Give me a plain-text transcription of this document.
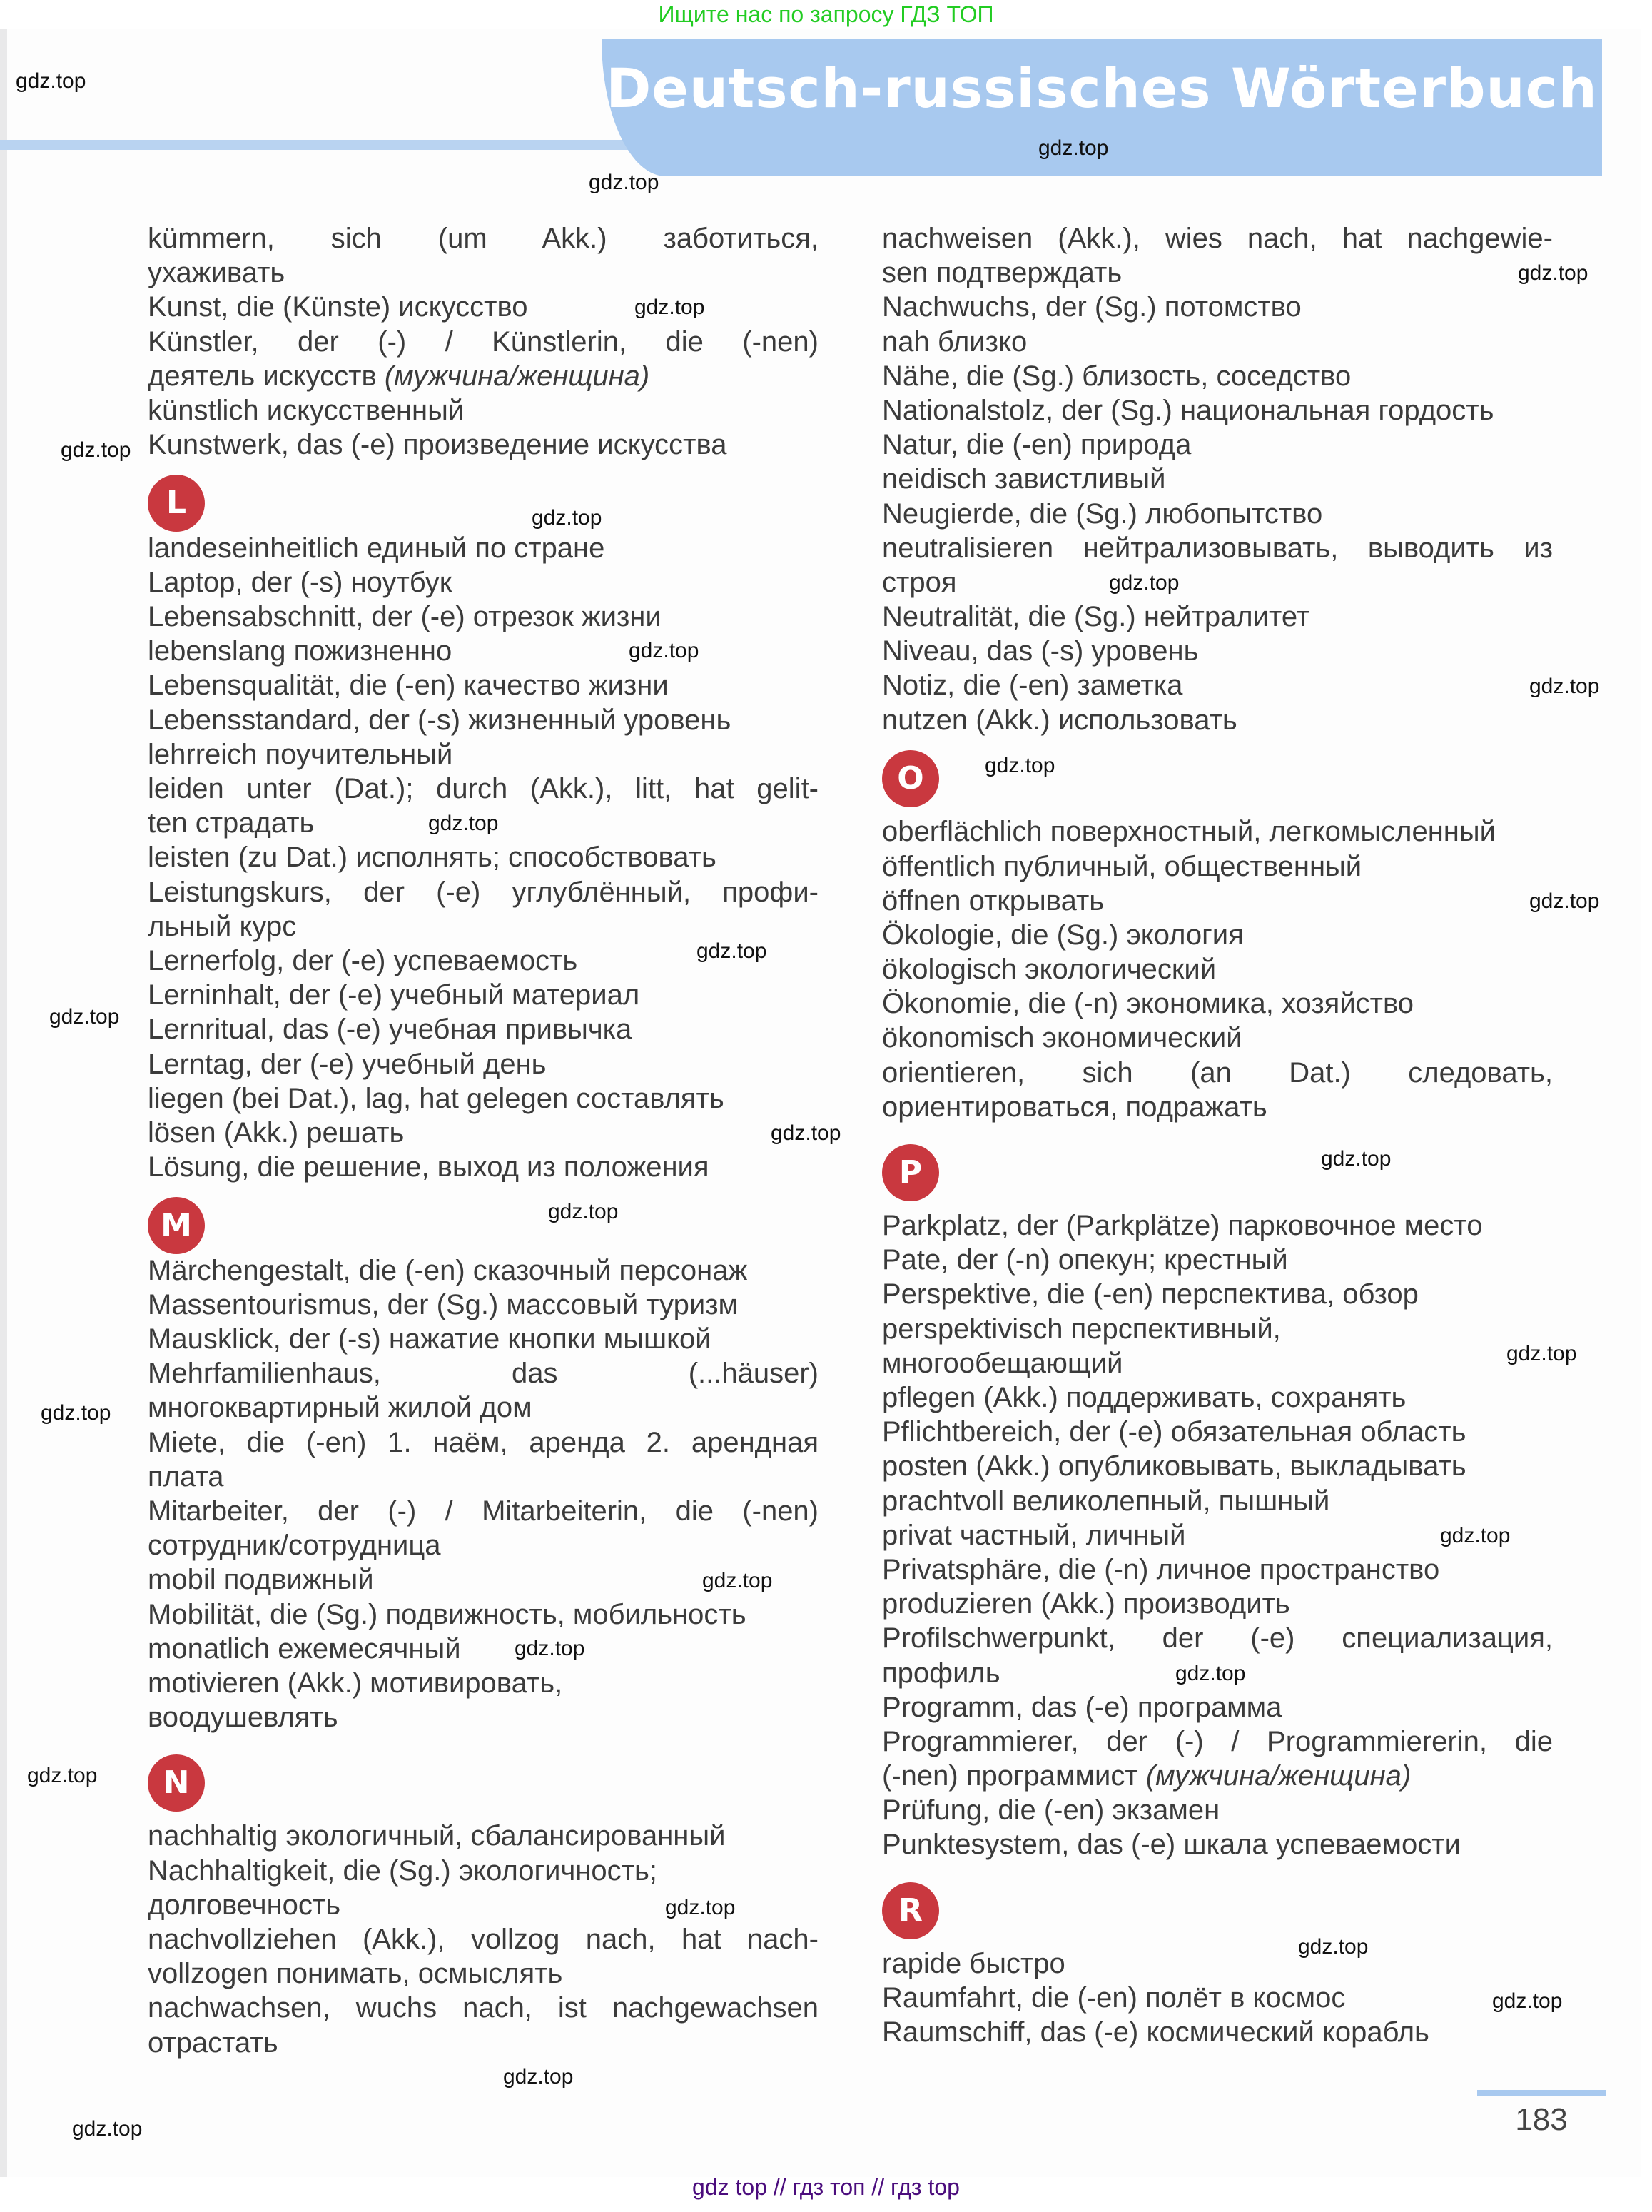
Ищите нас по запросу ГДЗ ТОП
Deutsch-russisches Wörterbuch
kümmern, sich (um Akk.) заботиться,
ухаживать
Kunst, die (Künste) искусство
Künstler, der (-) / Künstlerin, die (-nen)
деятель искусств (мужчина/женщина)
künstlich искусственный
Kunstwerk, das (-e) произведение искусства
L
landeseinheitlich единый по стране
Laptop, der (-s) ноутбук
Lebensabschnitt, der (-e) отрезок жизни
lebenslang пожизненно
Lebensqualität, die (-en) качество жизни
Lebensstandard, der (-s) жизненный уровень
lehrreich поучительный
leiden unter (Dat.); durch (Akk.), litt, hat gelit-
ten страдать
leisten (zu Dat.) исполнять; способствовать
Leistungskurs, der (-e) углублённый, профи-
льный курс
Lernerfolg, der (-e) успеваемость
Lerninhalt, der (-e) учебный материал
Lernritual, das (-e) учебная привычка
Lerntag, der (-e) учебный день
liegen (bei Dat.), lag, hat gelegen составлять
lösen (Akk.) решать
Lösung, die решение, выход из положения
M
Märchengestalt, die (-en) сказочный персонаж
Massentourismus, der (Sg.) массовый туризм
Mausklick, der (-s) нажатие кнопки мышкой
Mehrfamilienhaus, das (...häuser)
многоквартирный жилой дом
Miete, die (-en) 1. наём, аренда 2. арендная
плата
Mitarbeiter, der (-) / Mitarbeiterin, die (-nen)
сотрудник/сотрудница
mobil подвижный
Mobilität, die (Sg.) подвижность, мобильность
monatlich ежемесячный
motivieren (Akk.) мотивировать,
воодушевлять
N
nachhaltig экологичный, сбалансированный
Nachhaltigkeit, die (Sg.) экологичность;
долговечность
nachvollziehen (Akk.), vollzog nach, hat nach-
vollzogen понимать, осмыслять
nachwachsen, wuchs nach, ist nachgewachsen
отрастать
nachweisen (Akk.), wies nach, hat nachgewie-
sen подтверждать
Nachwuchs, der (Sg.) потомство
nah близко
Nähe, die (Sg.) близость, соседство
Nationalstolz, der (Sg.) национальная гордость
Natur, die (-en) природа
neidisch завистливый
Neugierde, die (Sg.) любопытство
neutralisieren нейтрализовывать, выводить из
строя
Neutralität, die (Sg.) нейтралитет
Niveau, das (-s) уровень
Notiz, die (-en) заметка
nutzen (Akk.) использовать
O
oberflächlich поверхностный, легкомысленный
öffentlich публичный, общественный
öffnen открывать
Ökologie, die (Sg.) экология
ökologisch экологический
Ökonomie, die (-n) экономика, хозяйство
ökonomisch экономический
orientieren, sich (an Dat.) следовать,
ориентироваться, подражать
P
Parkplatz, der (Parkplätze) парковочное место
Pate, der (-n) опекун; крестный
Perspektive, die (-en) перспектива, обзор
perspektivisch перспективный,
многообещающий
pflegen (Akk.) поддерживать, сохранять
Pflichtbereich, der (-e) обязательная область
posten (Akk.) опубликовывать, выкладывать
prachtvoll великолепный, пышный
privat частный, личный
Privatsphäre, die (-n) личное пространство
produzieren (Akk.) производить
Profilschwerpunkt, der (-e) специализация,
профиль
Programm, das (-e) программа
Programmierer, der (-) / Programmiererin, die
(-nen) программист (мужчина/женщина)
Prüfung, die (-en) экзамен
Punktesystem, das (-e) шкала успеваемости
R
rapide быстро
Raumfahrt, die (-en) полёт в космос
Raumschiff, das (-e) космический корабль
gdz.top
gdz.top
gdz.top
gdz.top
gdz.top
gdz.top
gdz.top
gdz.top
gdz.top
gdz.top
gdz.top
gdz.top
gdz.top
gdz.top
gdz.top
gdz.top
gdz.top
gdz.top
gdz.top
gdz.top
gdz.top
gdz.top
gdz.top
gdz.top
gdz.top
gdz.top
gdz.top
gdz.top
gdz.top
gdz.top	183
gdz top // гдз топ // гдз top
